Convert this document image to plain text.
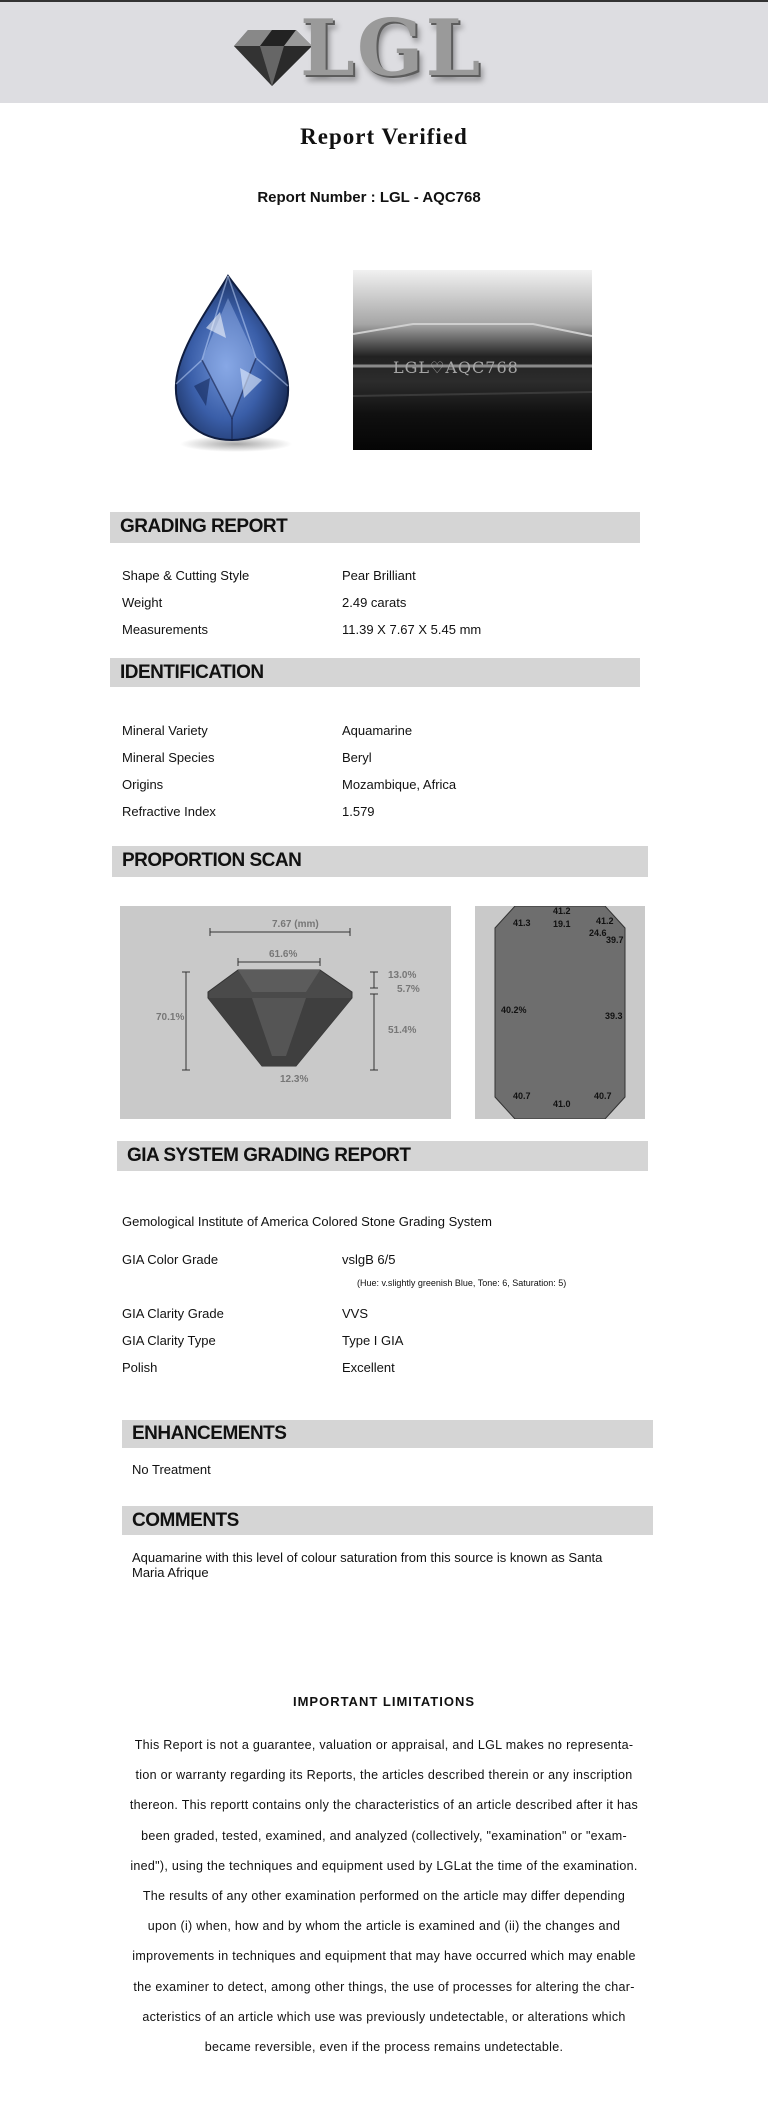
LGL
Report Verified
Report Number : LGL - AQC768
LGL♡AQC768
GRADING REPORT
Shape & Cutting Style	Pear Brilliant
Weight	2.49 carats
Measurements	11.39 X 7.67 X 5.45 mm
IDENTIFICATION
Mineral Variety	Aquamarine
Mineral Species	Beryl
Origins	Mozambique, Africa
Refractive Index	1.579
PROPORTION SCAN
7.67 (mm)
61.6%
70.1%
13.0%
5.7%
51.4%
12.3%
41.2
19.1
41.3	41.2
24.6
39.7
40.2%
39.3
40.7
41.0
40.7
GIA SYSTEM GRADING REPORT
Gemological Institute of America Colored Stone Grading System
GIA Color Grade	vslgB 6/5
(Hue: v.slightly greenish Blue, Tone: 6, Saturation: 5)
GIA Clarity Grade	VVS
GIA Clarity Type	Type I GIA
Polish	Excellent
ENHANCEMENTS
No Treatment
COMMENTS
Aquamarine with this level of colour saturation from this source is known as Santa Maria Afrique
IMPORTANT LIMITATIONS
This Report is not a guarantee, valuation or appraisal, and LGL makes no representa-
tion or warranty regarding its Reports, the articles described therein or any inscription
thereon. This reportt contains only the characteristics of an article described after it has
been graded, tested, examined, and analyzed (collectively, "examination" or "exam-
ined"), using the techniques and equipment used by LGLat the time of the examination.
The results of any other examination performed on the article may differ depending
upon (i) when, how and by whom the article is examined and (ii) the changes and
improvements in techniques and equipment that may have occurred which may enable
the examiner to detect, among other things, the use of processes for altering the char-
acteristics of an article which use was previously undetectable, or alterations which
became reversible, even if the process remains undetectable.
